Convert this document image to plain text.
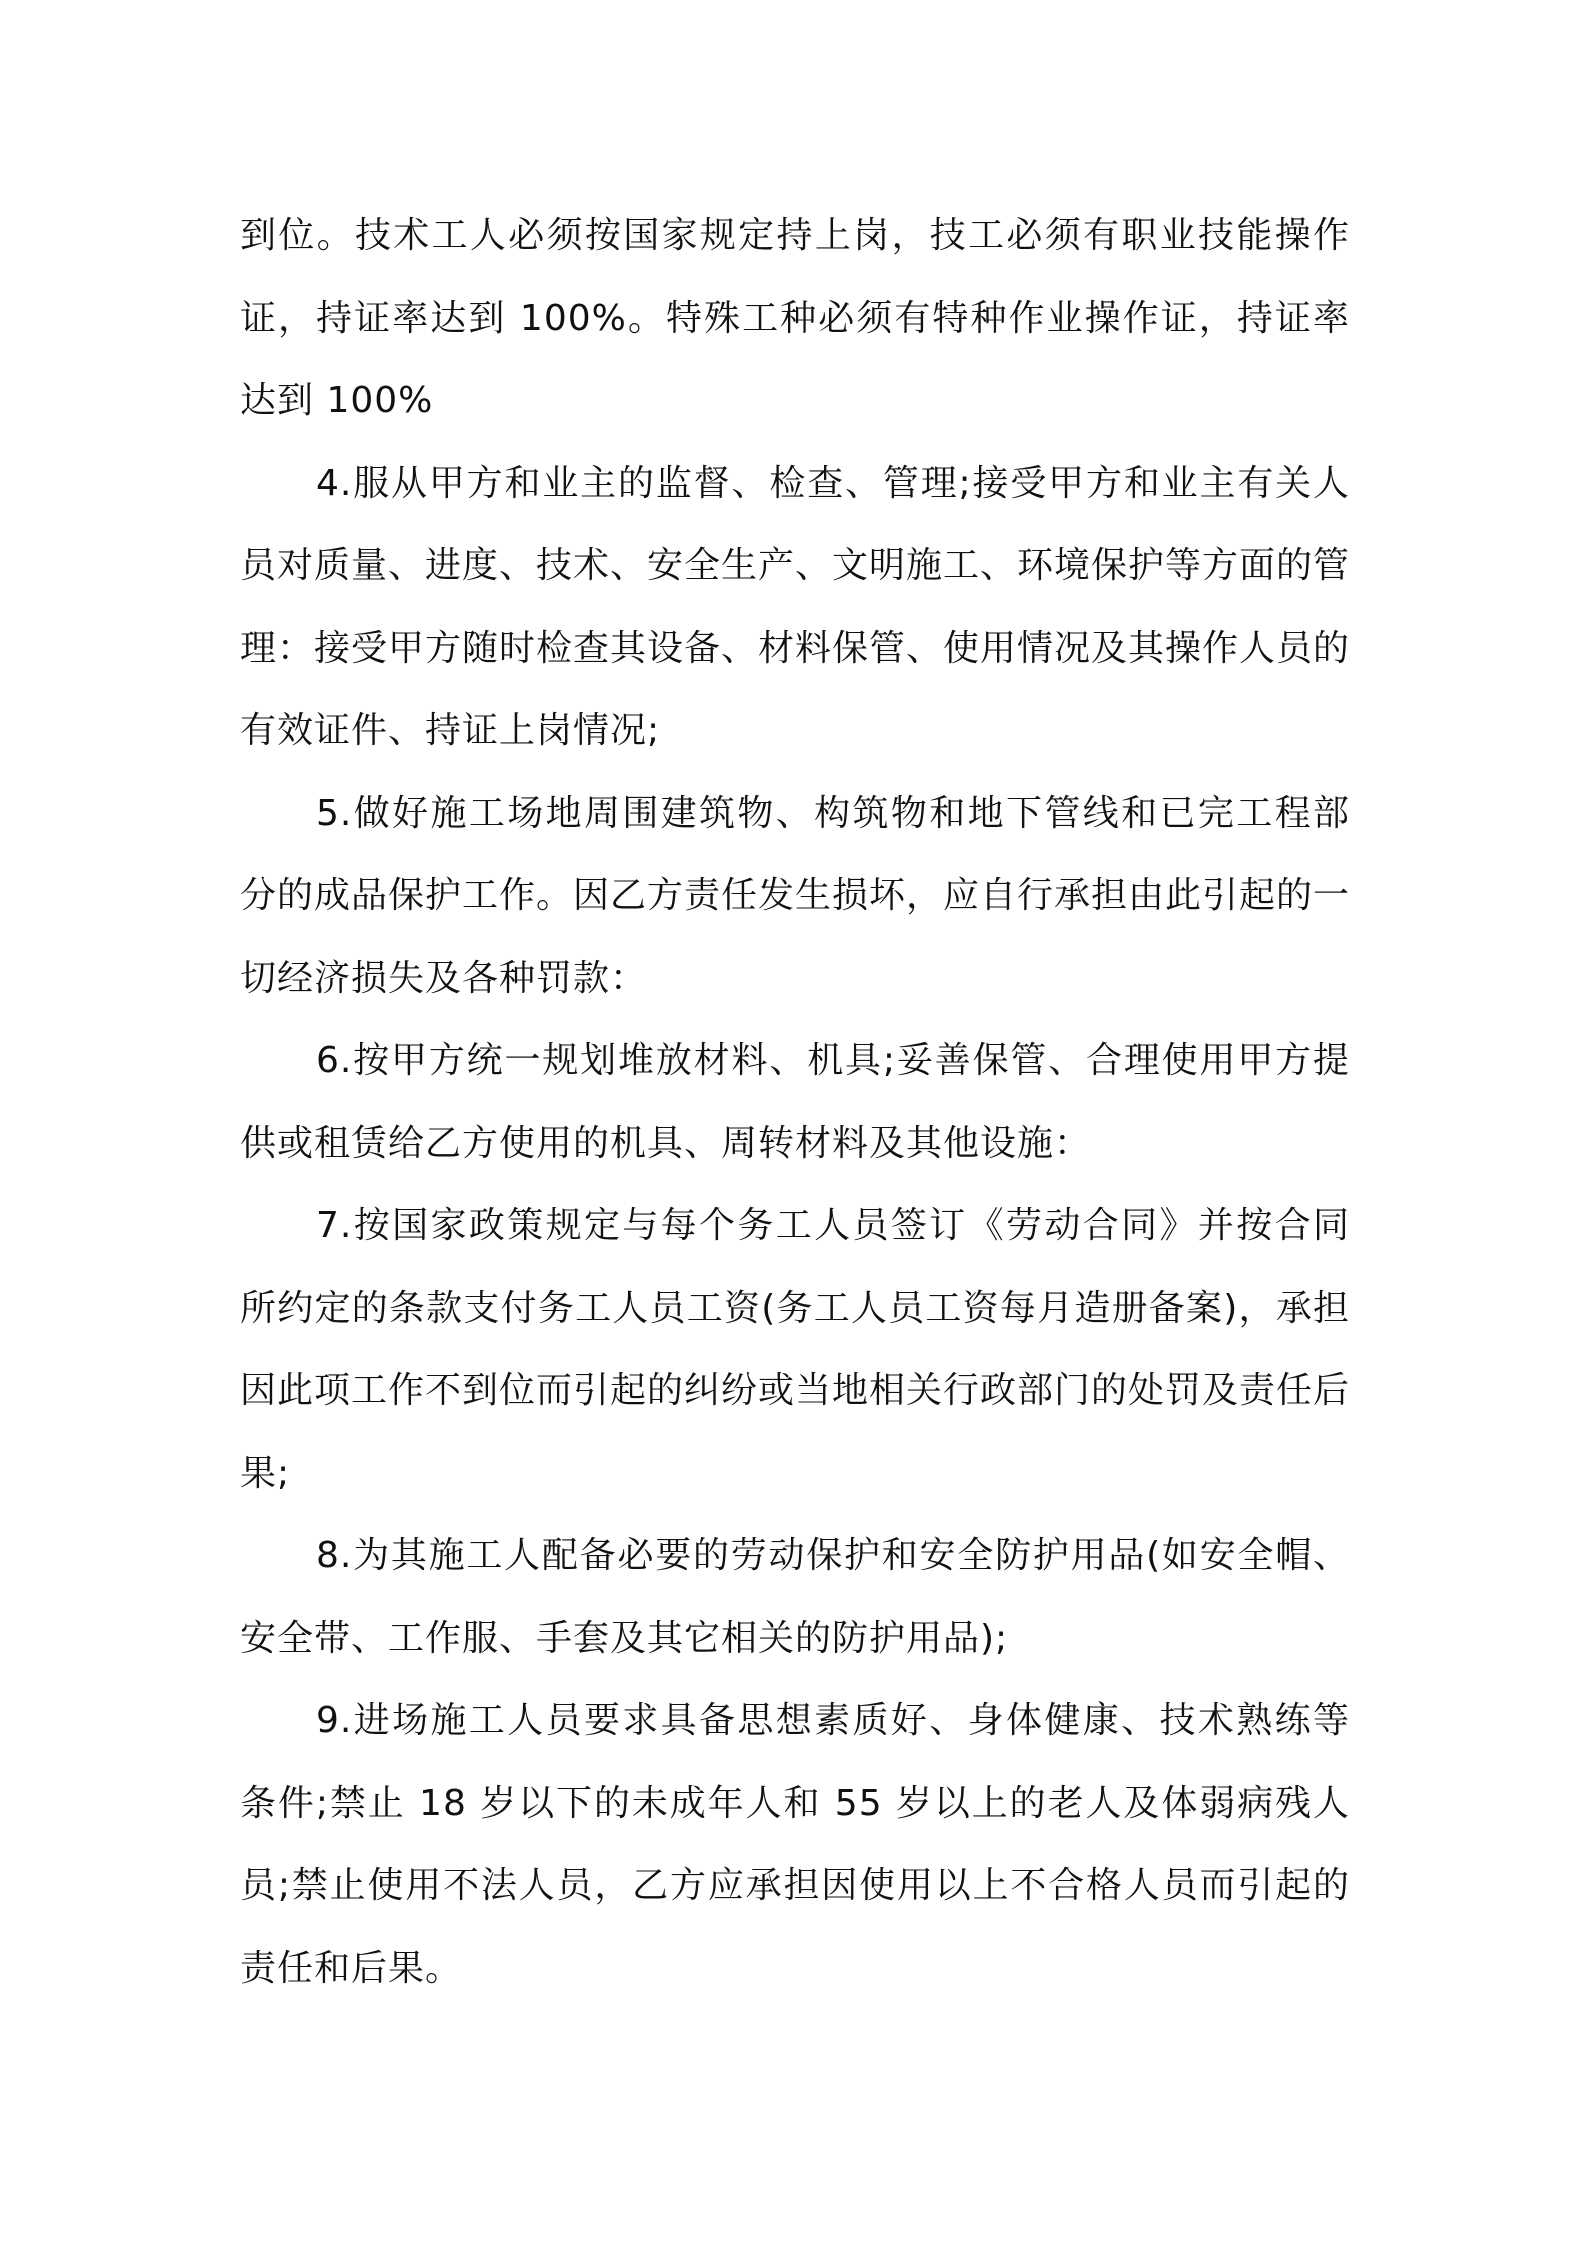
到位。技术工人必须按国家规定持上岗，技工必须有职业技能操作证，持证率达到 100%。特殊工种必须有特种作业操作证，持证率达到 100%

4.服从甲方和业主的监督、检查、管理;接受甲方和业主有关人员对质量、进度、技术、安全生产、文明施工、环境保护等方面的管理：接受甲方随时检查其设备、材料保管、使用情况及其操作人员的有效证件、持证上岗情况;

5.做好施工场地周围建筑物、构筑物和地下管线和已完工程部分的成品保护工作。因乙方责任发生损坏，应自行承担由此引起的一切经济损失及各种罚款：

6.按甲方统一规划堆放材料、机具;妥善保管、合理使用甲方提供或租赁给乙方使用的机具、周转材料及其他设施：

7.按国家政策规定与每个务工人员签订《劳动合同》并按合同所约定的条款支付务工人员工资(务工人员工资每月造册备案)，承担因此项工作不到位而引起的纠纷或当地相关行政部门的处罚及责任后果;

8.为其施工人配备必要的劳动保护和安全防护用品(如安全帽、安全带、工作服、手套及其它相关的防护用品);

9.进场施工人员要求具备思想素质好、身体健康、技术熟练等条件;禁止 18 岁以下的未成年人和 55 岁以上的老人及体弱病残人员;禁止使用不法人员，乙方应承担因使用以上不合格人员而引起的责任和后果。
